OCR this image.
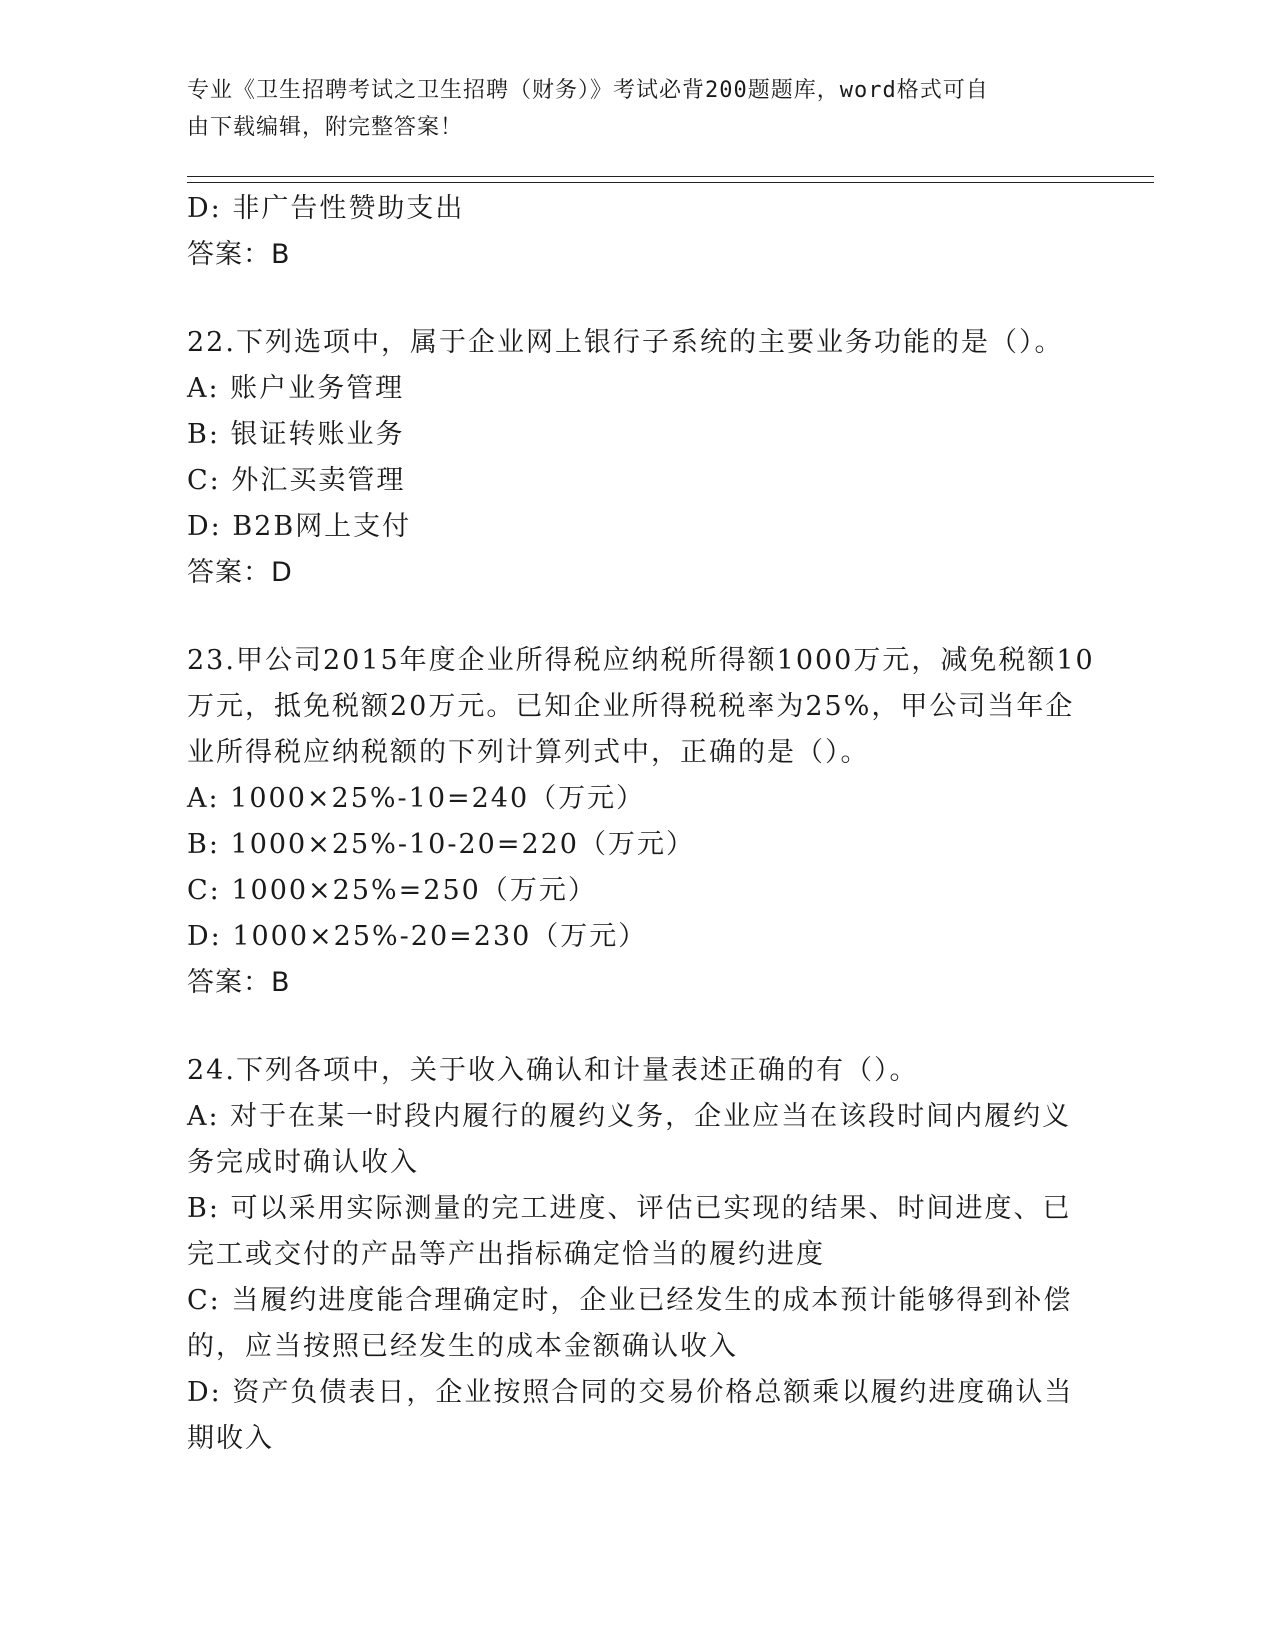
专业《卫生招聘考试之卫生招聘（财务）》考试必背200题题库，word格式可自
由下载编辑，附完整答案！
D: 非广告性赞助支出
答案：B
22.下列选项中，属于企业网上银行子系统的主要业务功能的是（）。
A: 账户业务管理
B: 银证转账业务
C: 外汇买卖管理
D: B2B网上支付
答案：D
23.甲公司2015年度企业所得税应纳税所得额1000万元，减免税额10
万元，抵免税额20万元。已知企业所得税税率为25%，甲公司当年企
业所得税应纳税额的下列计算列式中，正确的是（）。
A: 1000×25%-10=240（万元）
B: 1000×25%-10-20=220（万元）
C: 1000×25%=250（万元）
D: 1000×25%-20=230（万元）
答案：B
24.下列各项中，关于收入确认和计量表述正确的有（）。
A: 对于在某一时段内履行的履约义务，企业应当在该段时间内履约义
务完成时确认收入
B: 可以采用实际测量的完工进度、评估已实现的结果、时间进度、已
完工或交付的产品等产出指标确定恰当的履约进度
C: 当履约进度能合理确定时，企业已经发生的成本预计能够得到补偿
的，应当按照已经发生的成本金额确认收入
D: 资产负债表日，企业按照合同的交易价格总额乘以履约进度确认当
期收入
